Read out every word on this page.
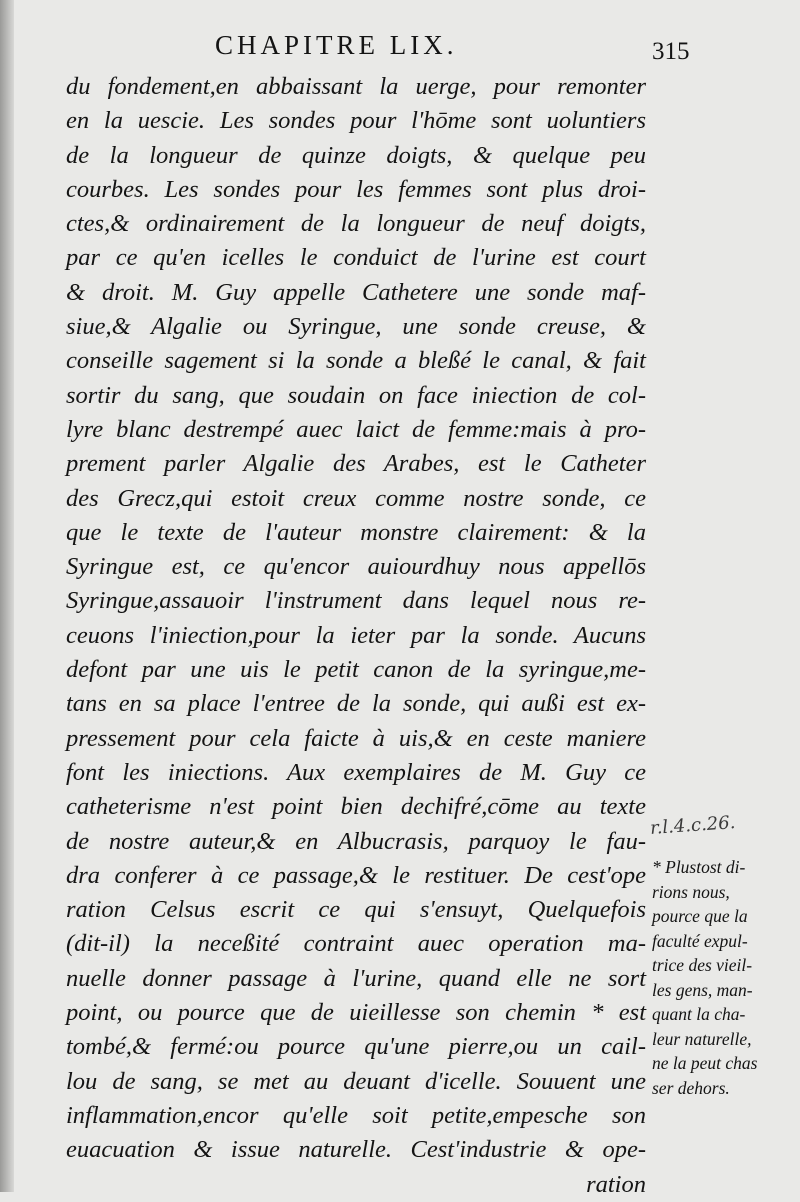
CHAPITRE LIX.	315
du fondement,en abbaissant la uerge, pour remonter
en la uescie. Les sondes pour l'hōme sont uoluntiers
de la longueur de quinze doigts, & quelque peu
courbes. Les sondes pour les femmes sont plus droi-
ctes,& ordinairement de la longueur de neuf doigts,
par ce qu'en icelles le conduict de l'urine est court
& droit. M. Guy appelle Cathetere une sonde maf-
siue,& Algalie ou Syringue, une sonde creuse, &
conseille sagement si la sonde a bleßé le canal, & fait
sortir du sang, que soudain on face iniection de col-
lyre blanc destrempé auec laict de femme:mais à pro-
prement parler Algalie des Arabes, est le Catheter
des Grecz,qui estoit creux comme nostre sonde, ce
que le texte de l'auteur monstre clairement: & la
Syringue est, ce qu'encor auiourdhuy nous appellōs
Syringue,assauoir l'instrument dans lequel nous re-
ceuons l'iniection,pour la ieter par la sonde. Aucuns
defont par une uis le petit canon de la syringue,me-
tans en sa place l'entree de la sonde, qui außi est ex-
pressement pour cela faicte à uis,& en ceste maniere
font les iniections. Aux exemplaires de M. Guy ce
catheterisme n'est point bien dechifré,cōme au texte
de nostre auteur,& en Albucrasis, parquoy le fau-
dra conferer à ce passage,& le restituer. De cest'ope
ration Celsus escrit ce qui s'ensuyt, Quelquefois
(dit-il) la neceßité contraint auec operation ma-
nuelle donner passage à l'urine, quand elle ne sort
point, ou pource que de uieillesse son chemin * est
tombé,& fermé:ou pource qu'une pierre,ou un cail-
lou de sang, se met au deuant d'icelle. Souuent une
inflammation,encor qu'elle soit petite,empesche son
euacuation & issue naturelle. Cest'industrie & ope-
ration
r.l.4.c.26.
* Plustost di-
rions nous,
pource que la
faculté expul-
trice des vieil-
les gens, man-
quant la cha-
leur naturelle,
ne la peut chas
ser dehors.
